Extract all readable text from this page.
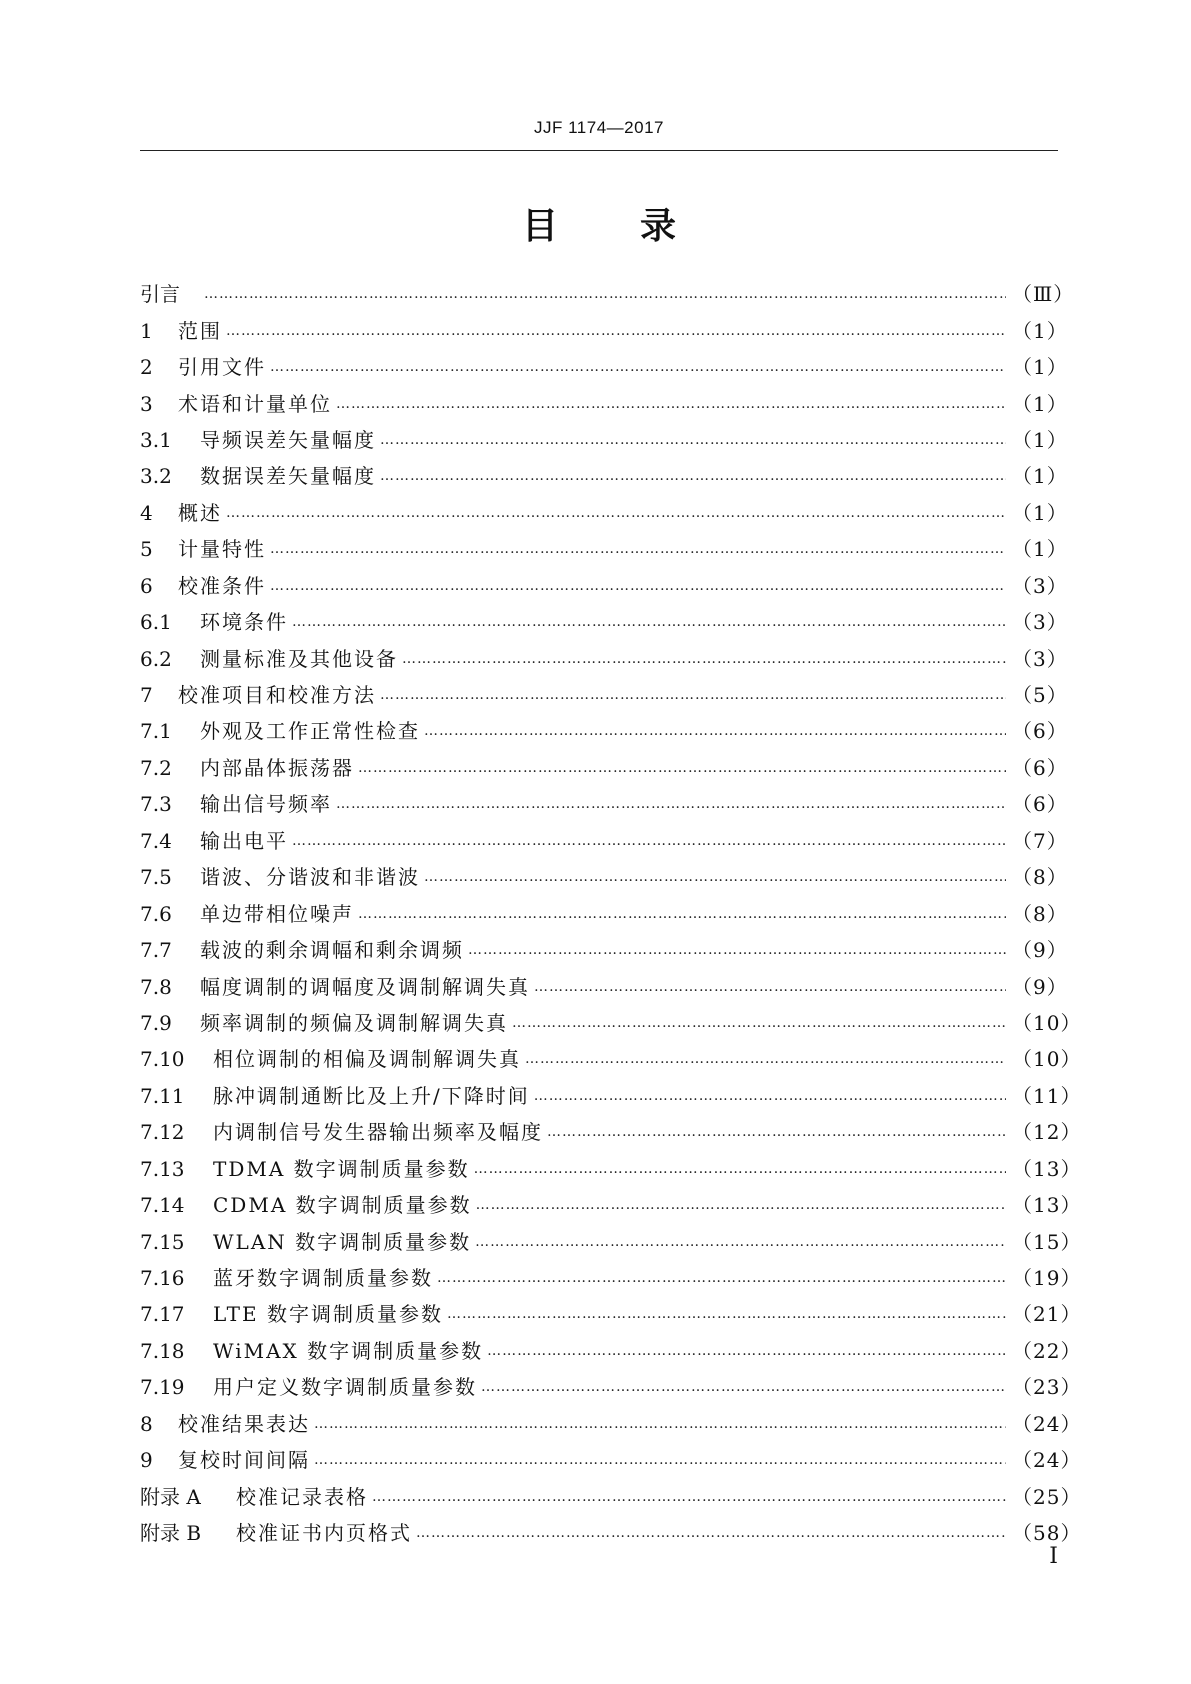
JJF 1174—2017
目 录
引言 …………………………………………………………………………………………………………………………………………………………………………………………………	（Ⅲ）
1	范围 …………………………………………………………………………………………………………………………………………………………………………………………………	（1）
2	引用文件 …………………………………………………………………………………………………………………………………………………………………………………………………	（1）
3	术语和计量单位 …………………………………………………………………………………………………………………………………………………………………………………………………	（1）
3.1	导频误差矢量幅度 …………………………………………………………………………………………………………………………………………………………………………………………………	（1）
3.2	数据误差矢量幅度 …………………………………………………………………………………………………………………………………………………………………………………………………	（1）
4	概述 …………………………………………………………………………………………………………………………………………………………………………………………………	（1）
5	计量特性 …………………………………………………………………………………………………………………………………………………………………………………………………	（1）
6	校准条件 …………………………………………………………………………………………………………………………………………………………………………………………………	（3）
6.1	环境条件 …………………………………………………………………………………………………………………………………………………………………………………………………	（3）
6.2	测量标准及其他设备 …………………………………………………………………………………………………………………………………………………………………………………………………	（3）
7	校准项目和校准方法 …………………………………………………………………………………………………………………………………………………………………………………………………	（5）
7.1	外观及工作正常性检查 …………………………………………………………………………………………………………………………………………………………………………………………………	（6）
7.2	内部晶体振荡器 …………………………………………………………………………………………………………………………………………………………………………………………………	（6）
7.3	输出信号频率 …………………………………………………………………………………………………………………………………………………………………………………………………	（6）
7.4	输出电平 …………………………………………………………………………………………………………………………………………………………………………………………………	（7）
7.5	谐波、分谐波和非谐波 …………………………………………………………………………………………………………………………………………………………………………………………………	（8）
7.6	单边带相位噪声 …………………………………………………………………………………………………………………………………………………………………………………………………	（8）
7.7	载波的剩余调幅和剩余调频 …………………………………………………………………………………………………………………………………………………………………………………………………	（9）
7.8	幅度调制的调幅度及调制解调失真 …………………………………………………………………………………………………………………………………………………………………………………………………	（9）
7.9	频率调制的频偏及调制解调失真 …………………………………………………………………………………………………………………………………………………………………………………………………	（10）
7.10	相位调制的相偏及调制解调失真 …………………………………………………………………………………………………………………………………………………………………………………………………	（10）
7.11	脉冲调制通断比及上升/下降时间 …………………………………………………………………………………………………………………………………………………………………………………………………	（11）
7.12	内调制信号发生器输出频率及幅度 …………………………………………………………………………………………………………………………………………………………………………………………………	（12）
7.13	TDMA 数字调制质量参数 …………………………………………………………………………………………………………………………………………………………………………………………………	（13）
7.14	CDMA 数字调制质量参数 …………………………………………………………………………………………………………………………………………………………………………………………………	（13）
7.15	WLAN 数字调制质量参数 …………………………………………………………………………………………………………………………………………………………………………………………………	（15）
7.16	蓝牙数字调制质量参数 …………………………………………………………………………………………………………………………………………………………………………………………………	（19）
7.17	LTE 数字调制质量参数 …………………………………………………………………………………………………………………………………………………………………………………………………	（21）
7.18	WiMAX 数字调制质量参数 …………………………………………………………………………………………………………………………………………………………………………………………………	（22）
7.19	用户定义数字调制质量参数 …………………………………………………………………………………………………………………………………………………………………………………………………	（23）
8	校准结果表达 …………………………………………………………………………………………………………………………………………………………………………………………………	（24）
9	复校时间间隔 …………………………………………………………………………………………………………………………………………………………………………………………………	（24）
附录 A	校准记录表格 …………………………………………………………………………………………………………………………………………………………………………………………………	（25）
附录 B	校准证书内页格式 …………………………………………………………………………………………………………………………………………………………………………………………………	（58）
Ⅰ
